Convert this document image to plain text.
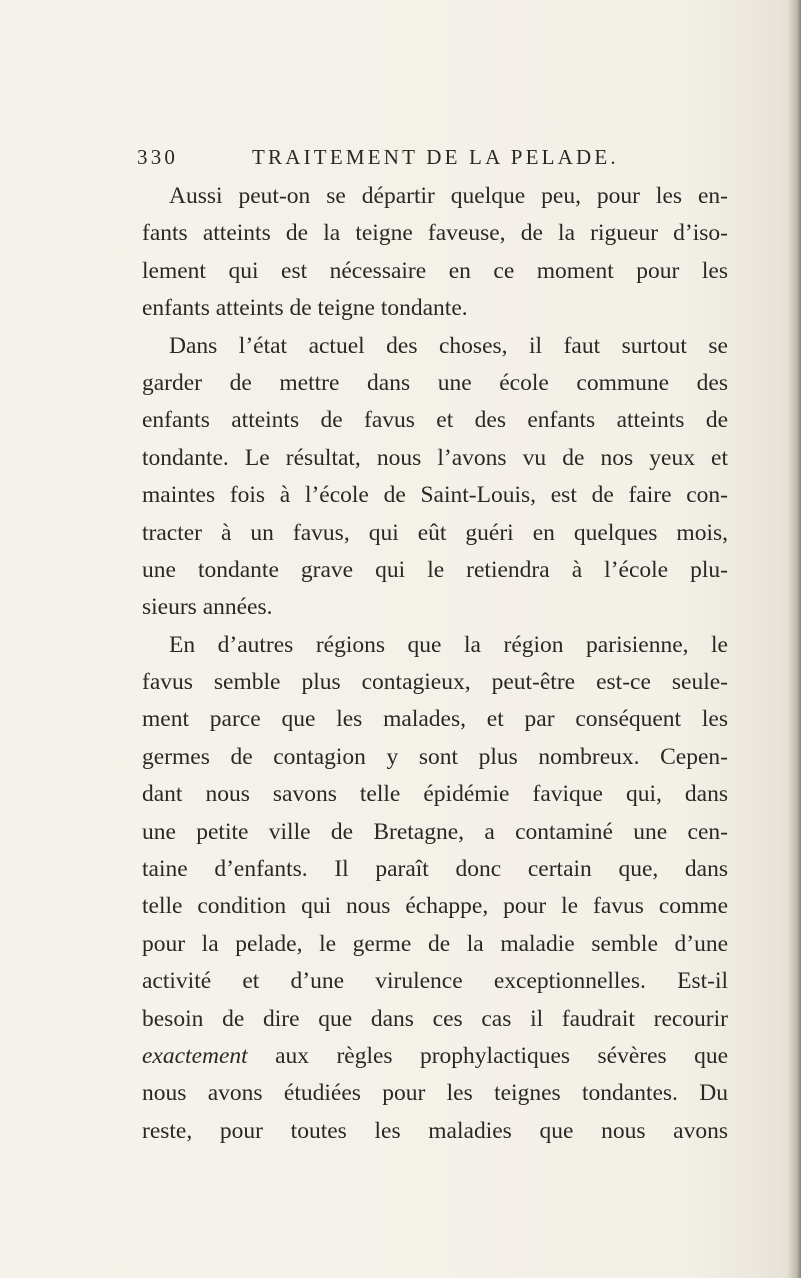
330	TRAITEMENT DE LA PELADE.
Aussi peut-on se départir quelque peu, pour les en-
fants atteints de la teigne faveuse, de la rigueur d’iso-
lement qui est nécessaire en ce moment pour les
enfants atteints de teigne tondante.
Dans l’état actuel des choses, il faut surtout se
garder de mettre dans une école commune des
enfants atteints de favus et des enfants atteints de
tondante. Le résultat, nous l’avons vu de nos yeux et
maintes fois à l’école de Saint-Louis, est de faire con-
tracter à un favus, qui eût guéri en quelques mois,
une tondante grave qui le retiendra à l’école plu-
sieurs années.
En d’autres régions que la région parisienne, le
favus semble plus contagieux, peut-être est-ce seule-
ment parce que les malades, et par conséquent les
germes de contagion y sont plus nombreux. Cepen-
dant nous savons telle épidémie favique qui, dans
une petite ville de Bretagne, a contaminé une cen-
taine d’enfants. Il paraît donc certain que, dans
telle condition qui nous échappe, pour le favus comme
pour la pelade, le germe de la maladie semble d’une
activité et d’une virulence exceptionnelles. Est-il
besoin de dire que dans ces cas il faudrait recourir
exactement aux règles prophylactiques sévères que
nous avons étudiées pour les teignes tondantes. Du
reste, pour toutes les maladies que nous avons
